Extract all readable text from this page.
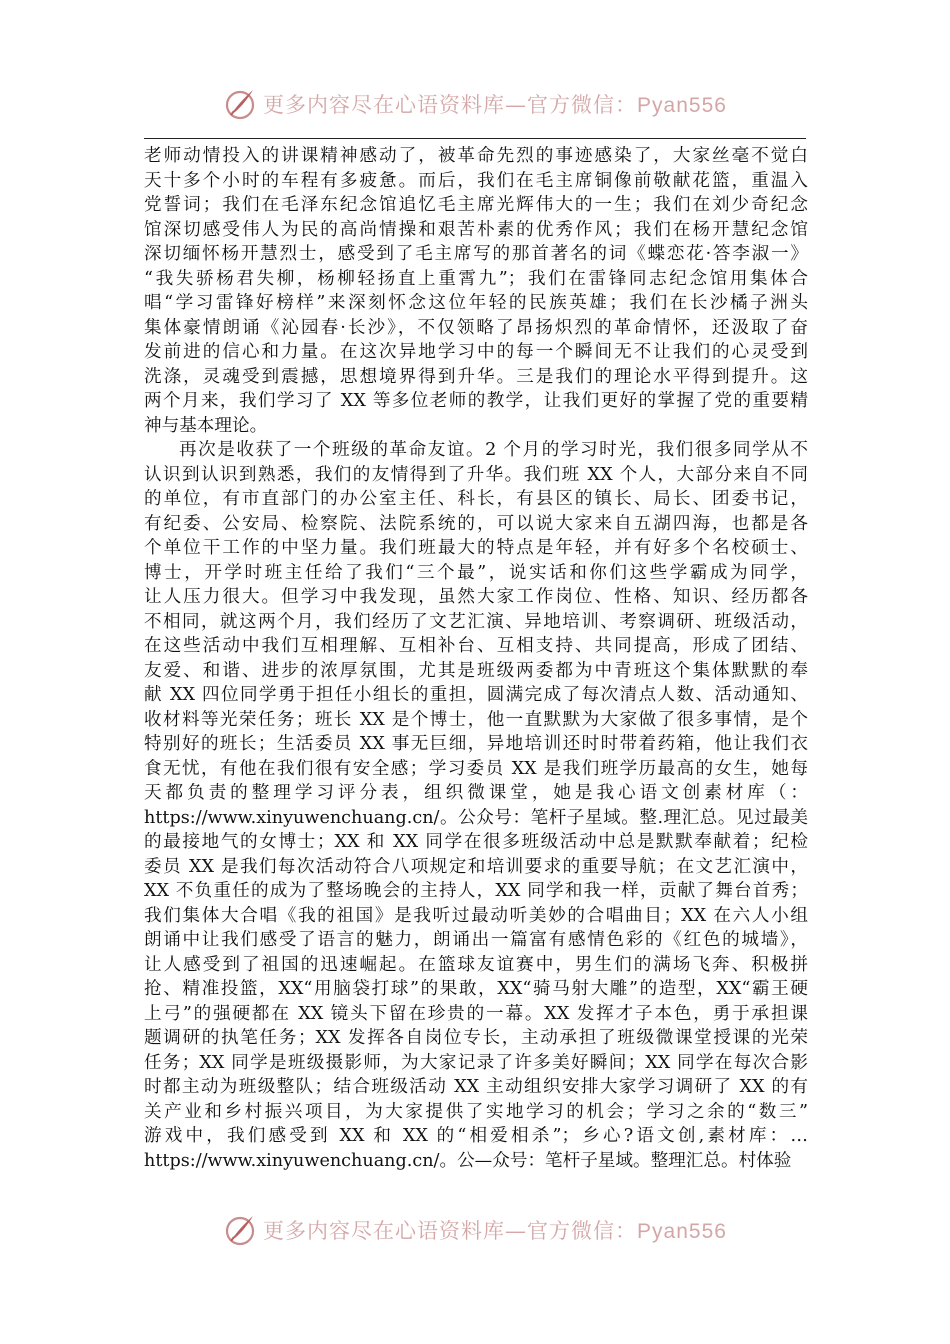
更多内容尽在心语资料库—官方微信：Pyan556
老师动情投入的讲课精神感动了，被革命先烈的事迹感染了，大家丝毫不觉白
天十多个小时的车程有多疲惫。而后，我们在毛主席铜像前敬献花篮，重温入
党誓词；我们在毛泽东纪念馆追忆毛主席光辉伟大的一生；我们在刘少奇纪念
馆深切感受伟人为民的高尚情操和艰苦朴素的优秀作风；我们在杨开慧纪念馆
深切缅怀杨开慧烈士，感受到了毛主席写的那首著名的词《蝶恋花·答李淑一》
“我失骄杨君失柳，杨柳轻扬直上重霄九”；我们在雷锋同志纪念馆用集体合
唱“学习雷锋好榜样”来深刻怀念这位年轻的民族英雄；我们在长沙橘子洲头
集体豪情朗诵《沁园春·长沙》，不仅领略了昂扬炽烈的革命情怀，还汲取了奋
发前进的信心和力量。在这次异地学习中的每一个瞬间无不让我们的心灵受到
洗涤，灵魂受到震撼，思想境界得到升华。三是我们的理论水平得到提升。这
两个月来，我们学习了 XX 等多位老师的教学，让我们更好的掌握了党的重要精
神与基本理论。
再次是收获了一个班级的革命友谊。2 个月的学习时光，我们很多同学从不
认识到认识到熟悉，我们的友情得到了升华。我们班 XX 个人，大部分来自不同
的单位，有市直部门的办公室主任、科长，有县区的镇长、局长、团委书记，
有纪委、公安局、检察院、法院系统的，可以说大家来自五湖四海，也都是各
个单位干工作的中坚力量。我们班最大的特点是年轻，并有好多个名校硕士、
博士，开学时班主任给了我们“三个最”，说实话和你们这些学霸成为同学，
让人压力很大。但学习中我发现，虽然大家工作岗位、性格、知识、经历都各
不相同，就这两个月，我们经历了文艺汇演、异地培训、考察调研、班级活动，
在这些活动中我们互相理解、互相补台、互相支持、共同提高，形成了团结、
友爱、和谐、进步的浓厚氛围，尤其是班级两委都为中青班这个集体默默的奉
献 XX 四位同学勇于担任小组长的重担，圆满完成了每次清点人数、活动通知、
收材料等光荣任务；班长 XX 是个博士，他一直默默为大家做了很多事情，是个
特别好的班长；生活委员 XX 事无巨细，异地培训还时时带着药箱，他让我们衣
食无忧，有他在我们很有安全感；学习委员 XX 是我们班学历最高的女生，她每
天都负责的整理学习评分表，组织微课堂，她是我心语文创素材库（：
https://www.xinyuwenchuang.cn/。公众号：笔杆子星域。整.理汇总。见过最美
的最接地气的女博士；XX 和 XX 同学在很多班级活动中总是默默奉献着；纪检
委员 XX 是我们每次活动符合八项规定和培训要求的重要导航；在文艺汇演中，
XX 不负重任的成为了整场晚会的主持人，XX 同学和我一样，贡献了舞台首秀；
我们集体大合唱《我的祖国》是我听过最动听美妙的合唱曲目；XX 在六人小组
朗诵中让我们感受了语言的魅力，朗诵出一篇富有感情色彩的《红色的城墙》，
让人感受到了祖国的迅速崛起。在篮球友谊赛中，男生们的满场飞奔、积极拼
抢、精准投篮，XX“用脑袋打球”的果敢，XX“骑马射大雕”的造型，XX“霸王硬
上弓”的强硬都在 XX 镜头下留在珍贵的一幕。XX 发挥才子本色，勇于承担课
题调研的执笔任务；XX 发挥各自岗位专长，主动承担了班级微课堂授课的光荣
任务；XX 同学是班级摄影师，为大家记录了许多美好瞬间；XX 同学在每次合影
时都主动为班级整队；结合班级活动 XX 主动组织安排大家学习调研了 XX 的有
关产业和乡村振兴项目，为大家提供了实地学习的机会；学习之余的“数三”
游戏中，我们感受到 XX 和 XX 的“相爱相杀”；乡心?语文创,素材库：…
https://www.xinyuwenchuang.cn/。公—众号：笔杆子星域。整理汇总。村体验
更多内容尽在心语资料库—官方微信：Pyan556
